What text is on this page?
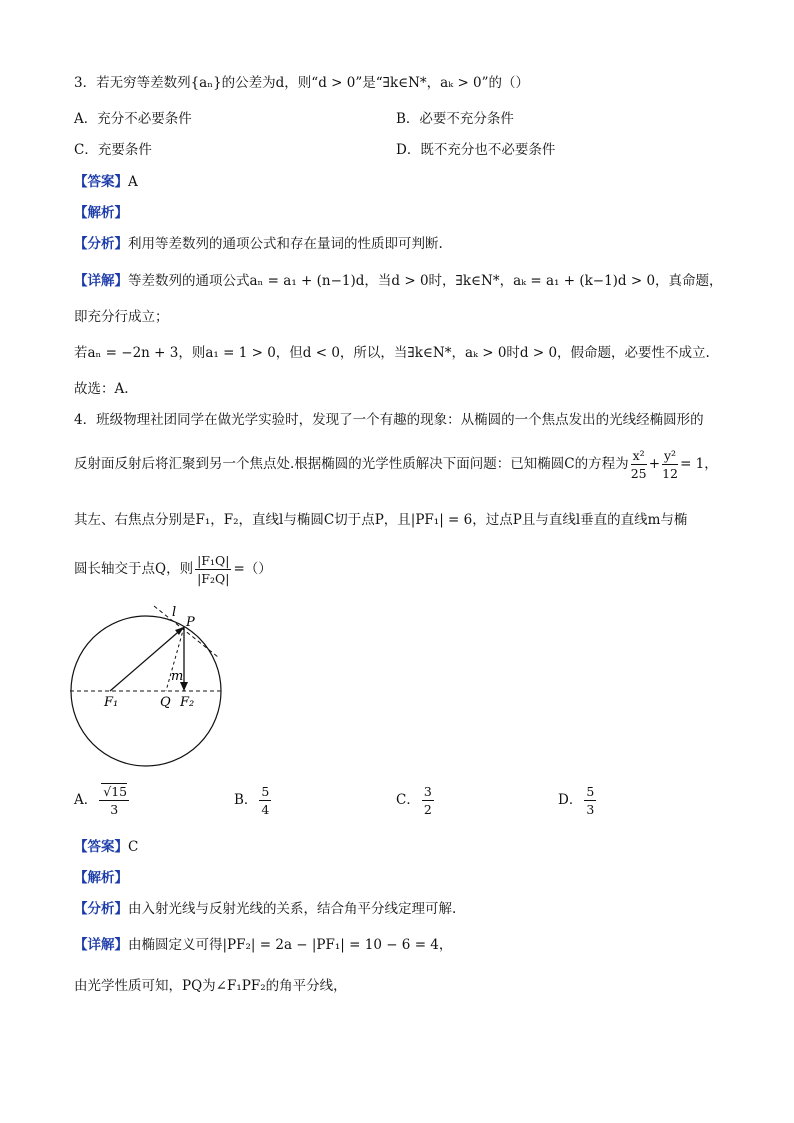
3．若无穷等差数列{aₙ}的公差为d，则“d > 0”是“∃k∈N*，aₖ > 0”的（）
A．充分不必要条件	B．必要不充分条件
C．充要条件	D．既不充分也不必要条件
【答案】A
【解析】
【分析】利用等差数列的通项公式和存在量词的性质即可判断.
【详解】等差数列的通项公式aₙ = a₁ + (n−1)d，当d > 0时，∃k∈N*，aₖ = a₁ + (k−1)d > 0，真命题，
即充分行成立；
若aₙ = −2n + 3，则a₁ = 1 > 0，但d < 0，所以，当∃k∈N*，aₖ > 0时d > 0，假命题，必要性不成立.
故选：A.
4．班级物理社团同学在做光学实验时，发现了一个有趣的现象：从椭圆的一个焦点发出的光线经椭圆形的
反射面反射后将汇聚到另一个焦点处.根据椭圆的光学性质解决下面问题：已知椭圆C的方程为 $\frac{\text{x²}}{25} + \frac{\text{y²}}{12} = 1$，
其左、右焦点分别是F₁，F₂，直线l与椭圆C切于点P，且|PF₁| = 6，过点P且与直线l垂直的直线m与椭
圆长轴交于点Q，则 $\frac{\text{|F₁Q|}}{\text{|F₂Q|}}$ =（）
l
P
m
F₁	Q F₂
A． $\frac{√15}{3}$	B． $\frac{5}{4}$	C． $\frac{3}{2}$	D． $\frac{5}{3}$
【答案】C
【解析】
【分析】由入射光线与反射光线的关系，结合角平分线定理可解.
【详解】由椭圆定义可得|PF₂| = 2a − |PF₁| = 10 − 6 = 4，
由光学性质可知，PQ为∠F₁PF₂的角平分线，
